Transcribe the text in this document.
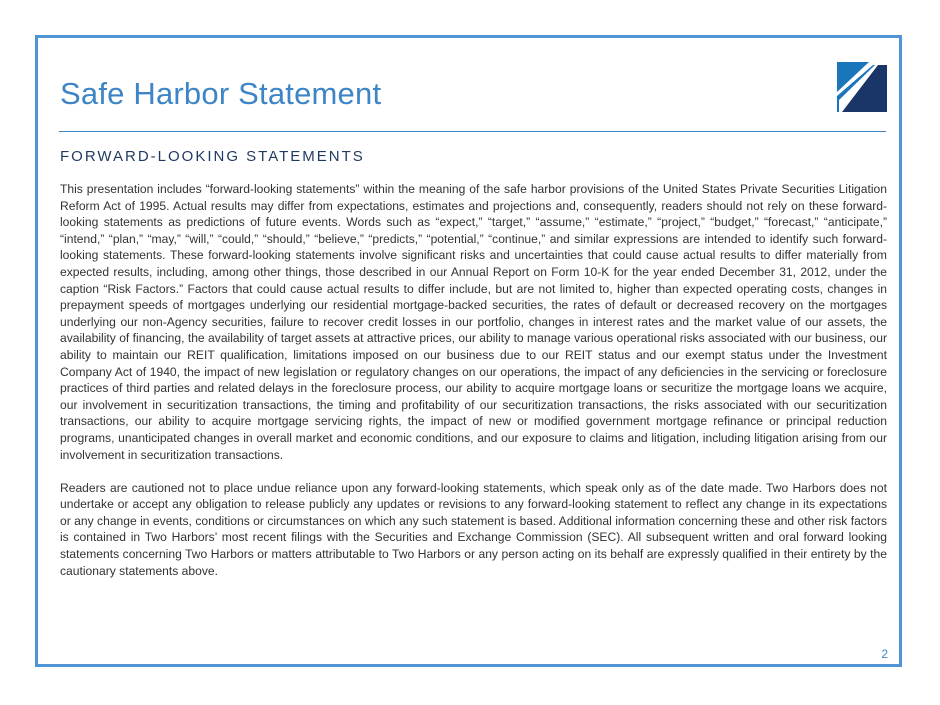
Safe Harbor Statement
FORWARD-LOOKING STATEMENTS

This presentation includes “forward-looking statements” within the meaning of the safe harbor provisions of the United States Private Securities Litigation Reform Act of 1995. Actual results may differ from expectations, estimates and projections and, consequently, readers should not rely on these forward-looking statements as predictions of future events. Words such as “expect,” “target,” “assume,” “estimate,” “project,” “budget,” “forecast,” “anticipate,” “intend,” “plan,” “may,” “will,” “could,” “should,” “believe,” “predicts,” “potential,” “continue,” and similar expressions are intended to identify such forward-looking statements. These forward-looking statements involve significant risks and uncertainties that could cause actual results to differ materially from expected results, including, among other things, those described in our Annual Report on Form 10-K for the year ended December 31, 2012, under the caption “Risk Factors.” Factors that could cause actual results to differ include, but are not limited to, higher than expected operating costs, changes in prepayment speeds of mortgages underlying our residential mortgage-backed securities, the rates of default or decreased recovery on the mortgages underlying our non-Agency securities, failure to recover credit losses in our portfolio, changes in interest rates and the market value of our assets, the availability of financing, the availability of target assets at attractive prices, our ability to manage various operational risks associated with our business, our ability to maintain our REIT qualification, limitations imposed on our business due to our REIT status and our exempt status under the Investment Company Act of 1940, the impact of new legislation or regulatory changes on our operations, the impact of any deficiencies in the servicing or foreclosure practices of third parties and related delays in the foreclosure process, our ability to acquire mortgage loans or securitize the mortgage loans we acquire, our involvement in securitization transactions, the timing and profitability of our securitization transactions, the risks associated with our securitization transactions, our ability to acquire mortgage servicing rights, the impact of new or modified government mortgage refinance or principal reduction programs, unanticipated changes in overall market and economic conditions, and our exposure to claims and litigation, including litigation arising from our involvement in securitization transactions.

Readers are cautioned not to place undue reliance upon any forward-looking statements, which speak only as of the date made. Two Harbors does not undertake or accept any obligation to release publicly any updates or revisions to any forward-looking statement to reflect any change in its expectations or any change in events, conditions or circumstances on which any such statement is based. Additional information concerning these and other risk factors is contained in Two Harbors’ most recent filings with the Securities and Exchange Commission (SEC). All subsequent written and oral forward looking statements concerning Two Harbors or matters attributable to Two Harbors or any person acting on its behalf are expressly qualified in their entirety by the cautionary statements above.

2
